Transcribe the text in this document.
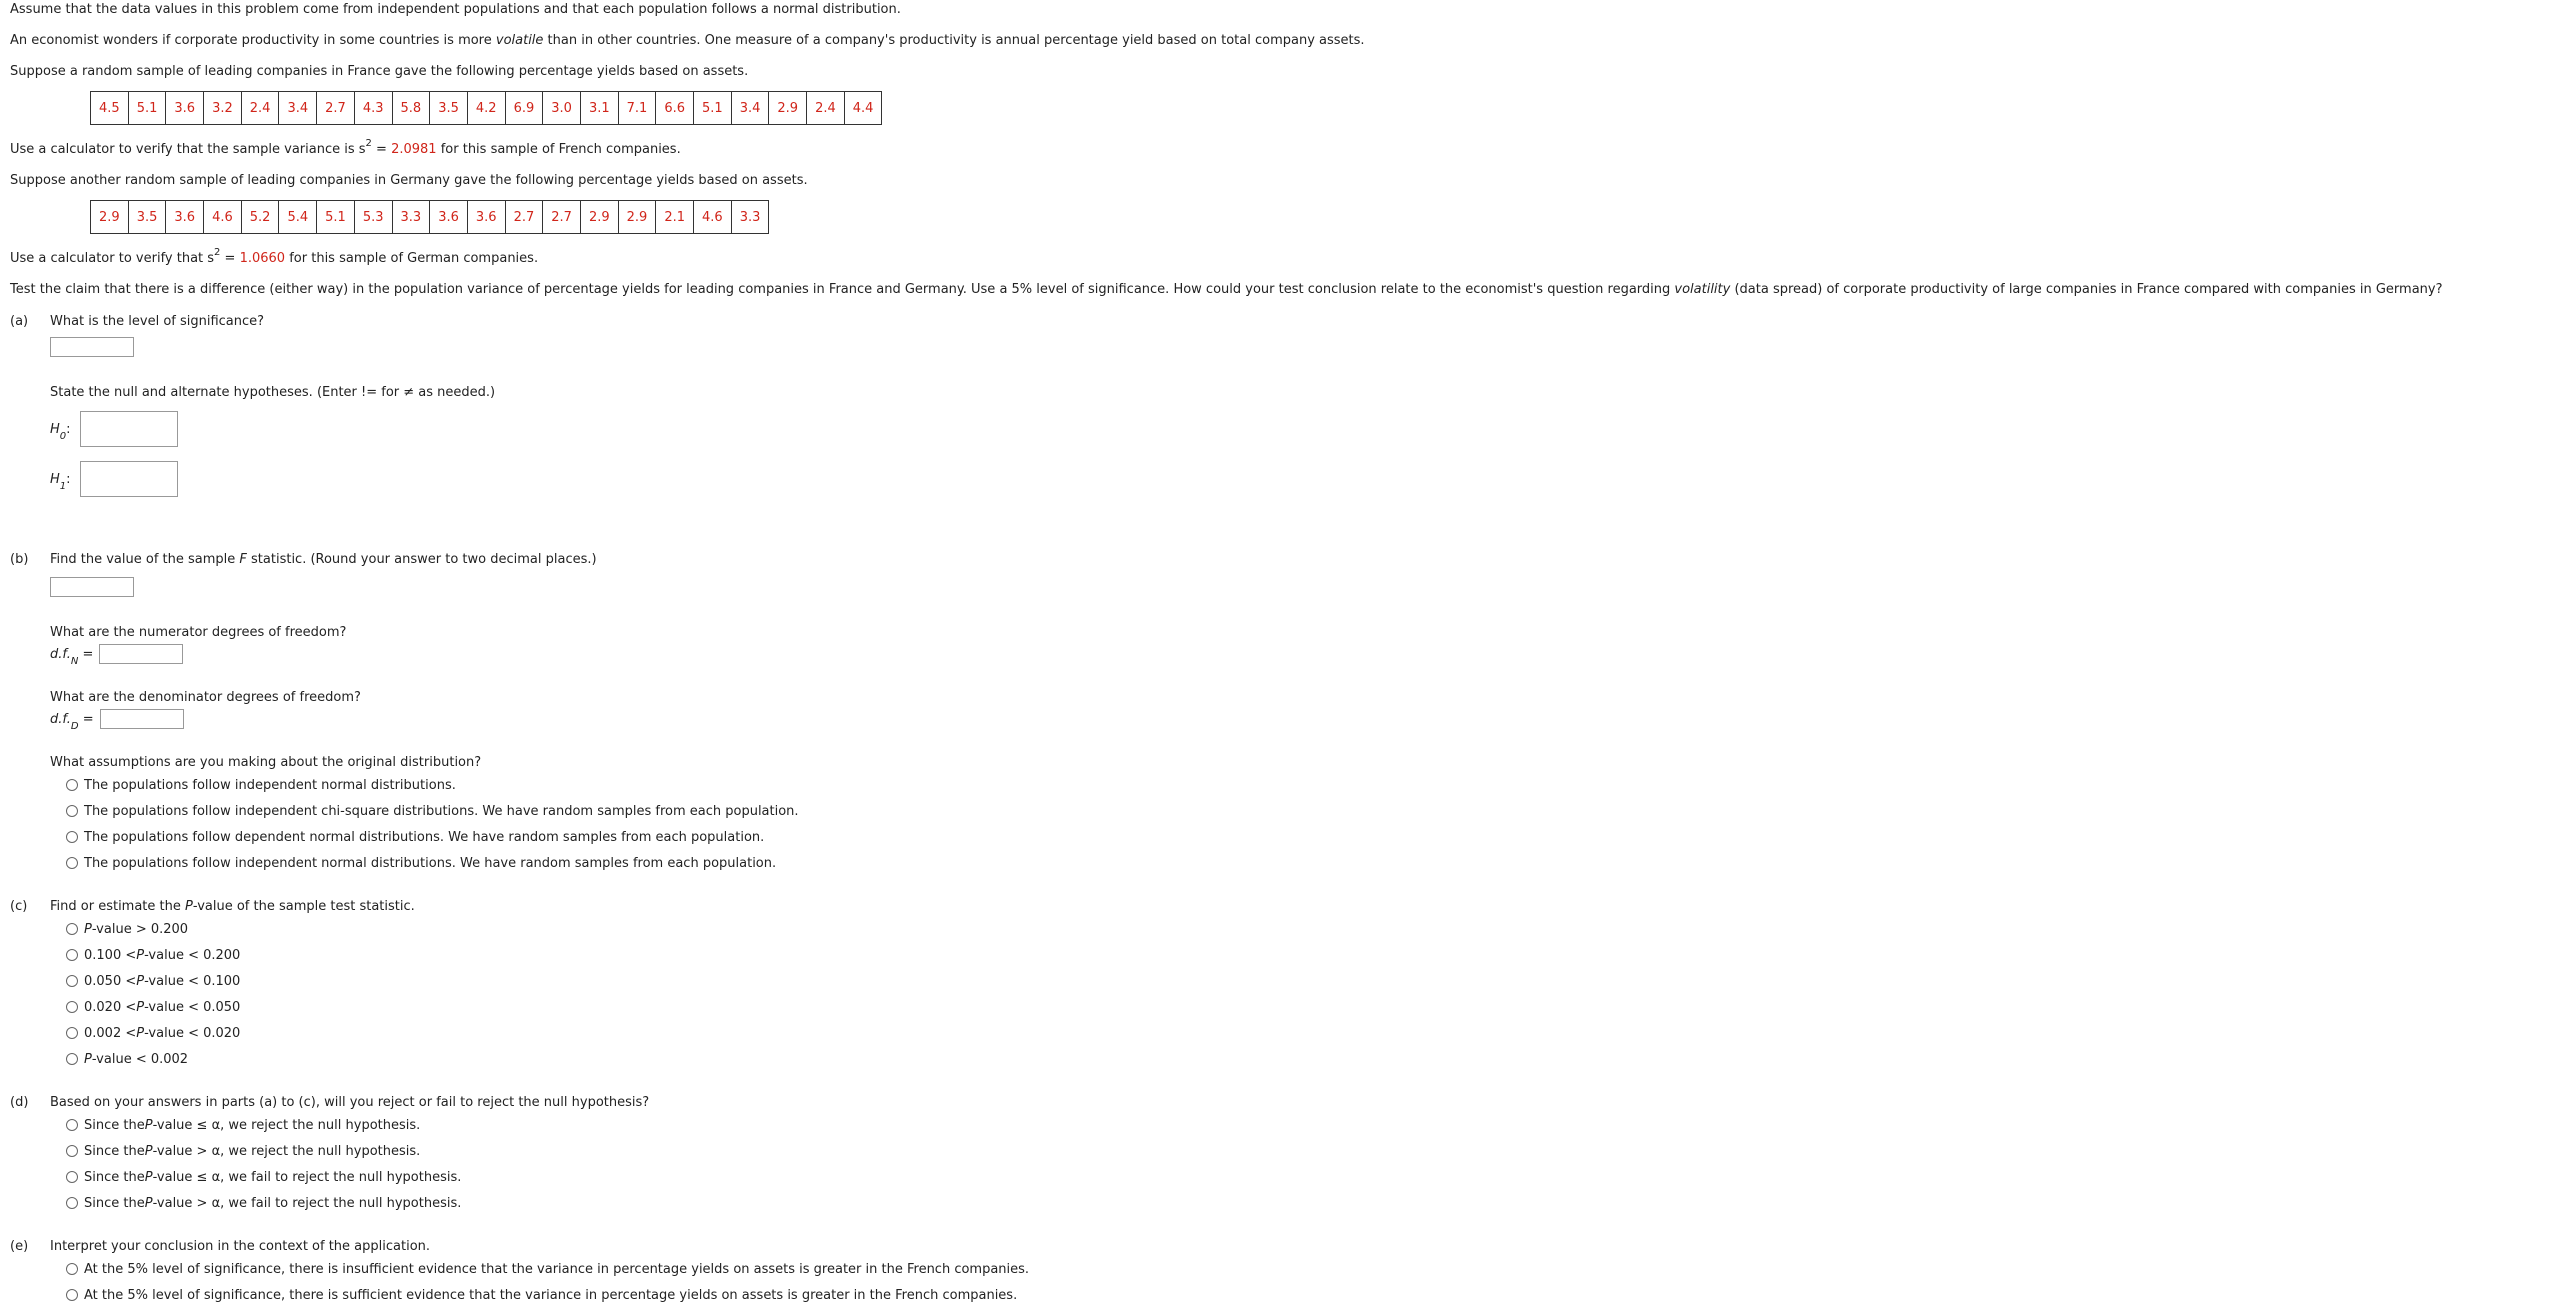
Assume that the data values in this problem come from independent populations and that each population follows a normal distribution.

An economist wonders if corporate productivity in some countries is more volatile than in other countries. One measure of a company's productivity is annual percentage yield based on total company assets.

Suppose a random sample of leading companies in France gave the following percentage yields based on assets.

4.5	5.1	3.6	3.2	2.4	3.4	2.7	4.3	5.8	3.5	4.2	6.9	3.0	3.1	7.1	6.6	5.1	3.4	2.9	2.4	4.4

Use a calculator to verify that the sample variance is $s^2 = 2.0981$ for this sample of French companies.

Suppose another random sample of leading companies in Germany gave the following percentage yields based on assets.

2.9	3.5	3.6	4.6	5.2	5.4	5.1	5.3	3.3	3.6	3.6	2.7	2.7	2.9	2.9	2.1	4.6	3.3

Use a calculator to verify that $s^2 = 1.0660$ for this sample of German companies.

Test the claim that there is a difference (either way) in the population variance of percentage yields for leading companies in France and Germany. Use a 5% level of significance. How could your test conclusion relate to the economist's question regarding volatility (data spread) of corporate productivity of large companies in France compared with companies in Germany?

(a)	What is the level of significance?
State the null and alternate hypotheses. (Enter != for ≠ as needed.)
$H_0$:
$H_1$:
(b)	Find the value of the sample F statistic. (Round your answer to two decimal places.)
What are the numerator degrees of freedom?
$d.f._N$ =
What are the denominator degrees of freedom?
$d.f._D$ =
What assumptions are you making about the original distribution?
The populations follow independent normal distributions.
The populations follow independent chi-square distributions. We have random samples from each population.
The populations follow dependent normal distributions. We have random samples from each population.
The populations follow independent normal distributions. We have random samples from each population.
(c)	Find or estimate the P-value of the sample test statistic.
P -value > 0.200
0.100 < P -value < 0.200
0.050 < P -value < 0.100
0.020 < P -value < 0.050
0.002 < P -value < 0.020
P -value < 0.002
(d)	Based on your answers in parts (a) to (c), will you reject or fail to reject the null hypothesis?
Since the P -value ≤ α, we reject the null hypothesis.
Since the P -value > α, we reject the null hypothesis.
Since the P -value ≤ α, we fail to reject the null hypothesis.
Since the P -value > α, we fail to reject the null hypothesis.
(e)	Interpret your conclusion in the context of the application.
At the 5% level of significance, there is insufficient evidence that the variance in percentage yields on assets is greater in the French companies.
At the 5% level of significance, there is sufficient evidence that the variance in percentage yields on assets is greater in the French companies.
